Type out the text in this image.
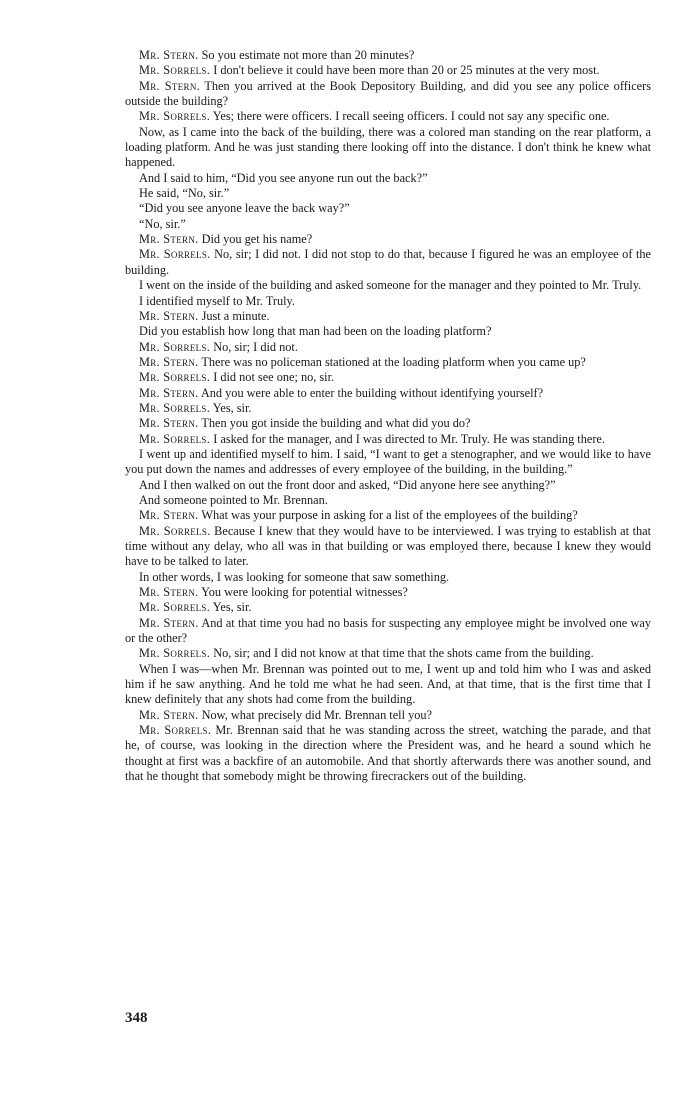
Mr. Stern. So you estimate not more than 20 minutes?

Mr. Sorrels. I don't believe it could have been more than 20 or 25 minutes at the very most.

Mr. Stern. Then you arrived at the Book Depository Building, and did you see any police officers outside the building?

Mr. Sorrels. Yes; there were officers. I recall seeing officers. I could not say any specific one.

Now, as I came into the back of the building, there was a colored man standing on the rear platform, a loading platform. And he was just standing there looking off into the distance. I don't think he knew what happened.

And I said to him, “Did you see anyone run out the back?”

He said, “No, sir.”

“Did you see anyone leave the back way?”

“No, sir.”

Mr. Stern. Did you get his name?

Mr. Sorrels. No, sir; I did not. I did not stop to do that, because I figured he was an employee of the building.

I went on the inside of the building and asked someone for the manager and they pointed to Mr. Truly.

I identified myself to Mr. Truly.

Mr. Stern. Just a minute.

Did you establish how long that man had been on the loading platform?

Mr. Sorrels. No, sir; I did not.

Mr. Stern. There was no policeman stationed at the loading platform when you came up?

Mr. Sorrels. I did not see one; no, sir.

Mr. Stern. And you were able to enter the building without identifying yourself?

Mr. Sorrels. Yes, sir.

Mr. Stern. Then you got inside the building and what did you do?

Mr. Sorrels. I asked for the manager, and I was directed to Mr. Truly. He was standing there.

I went up and identified myself to him. I said, “I want to get a stenographer, and we would like to have you put down the names and addresses of every employee of the building, in the building.”

And I then walked on out the front door and asked, “Did anyone here see anything?”

And someone pointed to Mr. Brennan.

Mr. Stern. What was your purpose in asking for a list of the employees of the building?

Mr. Sorrels. Because I knew that they would have to be interviewed. I was trying to establish at that time without any delay, who all was in that building or was employed there, because I knew they would have to be talked to later.

In other words, I was looking for someone that saw something.

Mr. Stern. You were looking for potential witnesses?

Mr. Sorrels. Yes, sir.

Mr. Stern. And at that time you had no basis for suspecting any employee might be involved one way or the other?

Mr. Sorrels. No, sir; and I did not know at that time that the shots came from the building.

When I was—when Mr. Brennan was pointed out to me, I went up and told him who I was and asked him if he saw anything. And he told me what he had seen. And, at that time, that is the first time that I knew definitely that any shots had come from the building.

Mr. Stern. Now, what precisely did Mr. Brennan tell you?

Mr. Sorrels. Mr. Brennan said that he was standing across the street, watching the parade, and that he, of course, was looking in the direction where the President was, and he heard a sound which he thought at first was a backfire of an automobile. And that shortly afterwards there was another sound, and that he thought that somebody might be throwing firecrackers out of the building.

348
